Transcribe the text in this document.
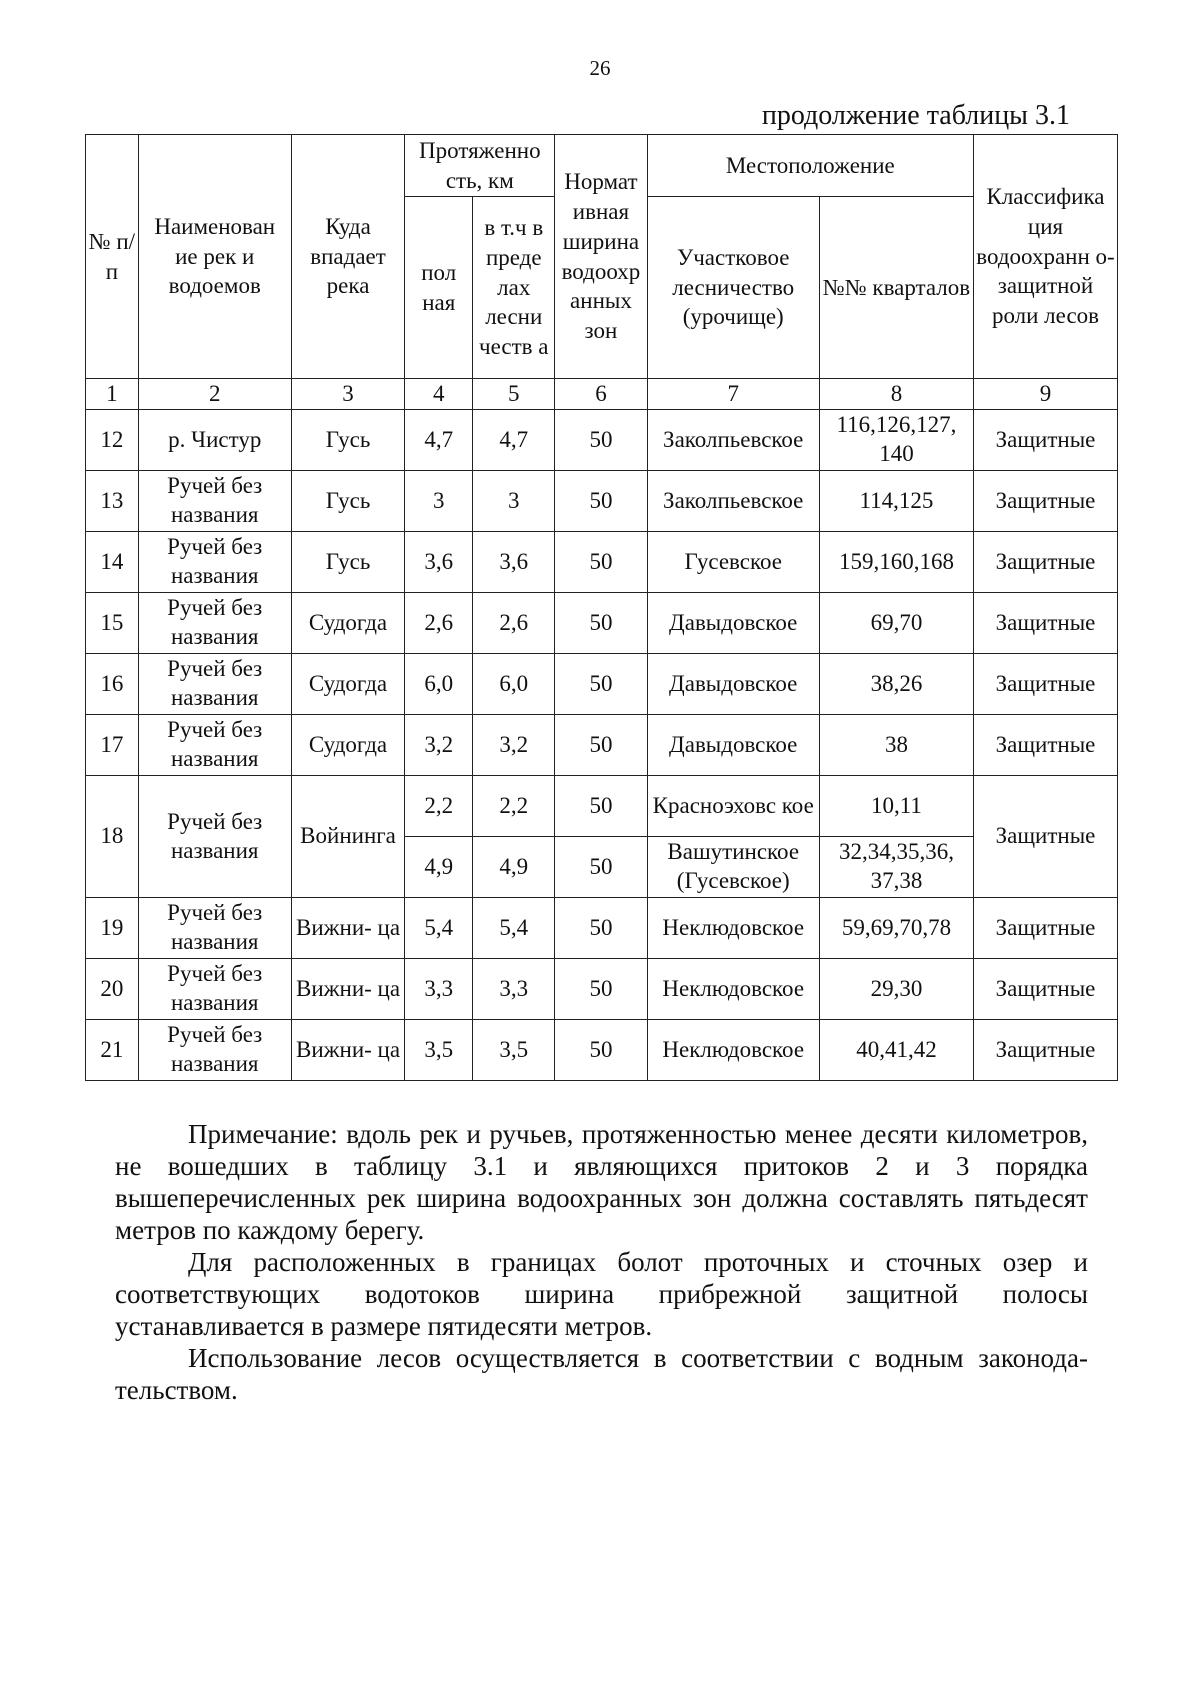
26
продолжение таблицы 3.1
№ п/п	Наименован ие рек и водоемов	Куда впадает река	Протяженно сть, км		Нормат ивная ширина водоохр анных зон	Местоположение		Классифика ция водоохранн о-защитной роли лесов
			пол ная	в т.ч в преде лах лесни честв а		Участковое лесничество (урочище)	№№ кварталов	
1	2	3	4	5	6	7	8	9
12	р. Чистур	Гусь	4,7	4,7	50	Заколпьевское	116,126,127, 140	Защитные
13	Ручей без названия	Гусь	3	3	50	Заколпьевское	114,125	Защитные
14	Ручей без названия	Гусь	3,6	3,6	50	Гусевское	159,160,168	Защитные
15	Ручей без названия	Судогда	2,6	2,6	50	Давыдовское	69,70	Защитные
16	Ручей без названия	Судогда	6,0	6,0	50	Давыдовское	38,26	Защитные
17	Ручей без названия	Судогда	3,2	3,2	50	Давыдовское	38	Защитные
18	Ручей без названия	Войнинга	2,2	2,2	50	Красноэховс кое	10,11	Защитные
			4,9	4,9	50	Вашутинское (Гусевское)	32,34,35,36, 37,38	
19	Ручей без названия	Вижни- ца	5,4	5,4	50	Неклюдовское	59,69,70,78	Защитные
20	Ручей без названия	Вижни- ца	3,3	3,3	50	Неклюдовское	29,30	Защитные
21	Ручей без названия	Вижни- ца	3,5	3,5	50	Неклюдовское	40,41,42	Защитные

Примечание: вдоль рек и ручьев, протяженностью менее десяти километров, не вошедших в таблицу 3.1 и являющихся притоков 2 и 3 порядка вышеперечисленных рек ширина водоохранных зон должна составлять пятьдесят метров по каждому берегу.

Для расположенных в границах болот проточных и сточных озер и соответствующих водотоков ширина прибрежной защитной полосы устанавливается в размере пятидесяти метров.

Использование лесов осуществляется в соответствии с водным законода-тельством.
